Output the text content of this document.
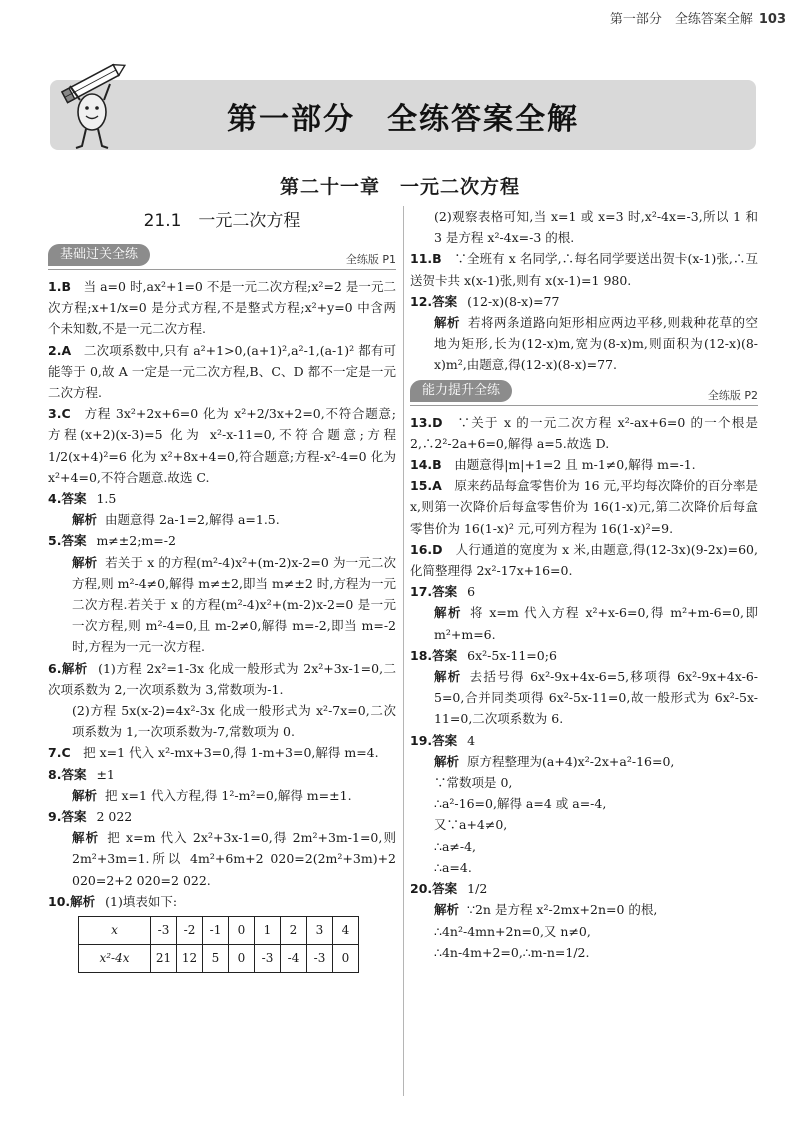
第一部分　全练答案全解 103
第一部分　全练答案全解
第二十一章　一元二次方程
21.1　一元二次方程
基础过关全练	全练版 P1
1.B　 当 a=0 时,ax²+1=0 不是一元二次方程;x²=2 是一元二次方程;x+1/x=0 是分式方程,不是整式方程;x²+y=0 中含两个未知数,不是一元二次方程.
2.A　 二次项系数中,只有 a²+1>0,(a+1)²,a²-1,(a-1)² 都有可能等于 0,故 A 一定是一元二次方程,B、C、D 都不一定是一元二次方程.
3.C　 方程 3x²+2x+6=0 化为 x²+2/3x+2=0,不符合题意;方程(x+2)(x-3)=5 化为 x²-x-11=0,不符合题意;方程 1/2(x+4)²=6 化为 x²+8x+4=0,符合题意;方程-x²-4=0 化为 x²+4=0,不符合题意.故选 C.
4.答案 1.5
解析 由题意得 2a-1=2,解得 a=1.5.
5.答案 m≠±2;m=-2
解析 若关于 x 的方程(m²-4)x²+(m-2)x-2=0 为一元二次方程,则 m²-4≠0,解得 m≠±2,即当 m≠±2 时,方程为一元二次方程.若关于 x 的方程(m²-4)x²+(m-2)x-2=0 是一元一次方程,则 m²-4=0,且 m-2≠0,解得 m=-2,即当 m=-2 时,方程为一元一次方程.
6.解析 (1)方程 2x²=1-3x 化成一般形式为 2x²+3x-1=0,二次项系数为 2,一次项系数为 3,常数项为-1.
(2)方程 5x(x-2)=4x²-3x 化成一般形式为 x²-7x=0,二次项系数为 1,一次项系数为-7,常数项为 0.
7.C　 把 x=1 代入 x²-mx+3=0,得 1-m+3=0,解得 m=4.
8.答案 ±1
解析 把 x=1 代入方程,得 1²-m²=0,解得 m=±1.
9.答案 2 022
解析 把 x=m 代入 2x²+3x-1=0,得 2m²+3m-1=0,则 2m²+3m=1.所以 4m²+6m+2 020=2(2m²+3m)+2 020=2+2 020=2 022.
10.解析 (1)填表如下:
x	-3	-2	-1	0	1	2	3	4
x²-4x	21	12	5	0	-3	-4	-3	0
(2)观察表格可知,当 x=1 或 x=3 时,x²-4x=-3,所以 1 和 3 是方程 x²-4x=-3 的根.
11.B　 ∵全班有 x 名同学,∴每名同学要送出贺卡(x-1)张,∴互送贺卡共 x(x-1)张,则有 x(x-1)=1 980.
12.答案 (12-x)(8-x)=77
解析 若将两条道路向矩形相应两边平移,则栽种花草的空地为矩形,长为(12-x)m,宽为(8-x)m,则面积为(12-x)(8-x)m²,由题意,得(12-x)(8-x)=77.
能力提升全练	全练版 P2
13.D　 ∵关于 x 的一元二次方程 x²-ax+6=0 的一个根是 2,∴2²-2a+6=0,解得 a=5.故选 D.
14.B　 由题意得|m|+1=2 且 m-1≠0,解得 m=-1.
15.A　 原来药品每盒零售价为 16 元,平均每次降价的百分率是 x,则第一次降价后每盒零售价为 16(1-x)元,第二次降价后每盒零售价为 16(1-x)² 元,可列方程为 16(1-x)²=9.
16.D　 人行通道的宽度为 x 米,由题意,得(12-3x)(9-2x)=60,化简整理得 2x²-17x+16=0.
17.答案 6
解析 将 x=m 代入方程 x²+x-6=0,得 m²+m-6=0,即 m²+m=6.
18.答案 6x²-5x-11=0;6
解析 去括号得 6x²-9x+4x-6=5,移项得 6x²-9x+4x-6-5=0,合并同类项得 6x²-5x-11=0,故一般形式为 6x²-5x-11=0,二次项系数为 6.
19.答案 4
解析 原方程整理为(a+4)x²-2x+a²-16=0,
∵常数项是 0,
∴a²-16=0,解得 a=4 或 a=-4,
又∵a+4≠0,
∴a≠-4,
∴a=4.
20.答案 1/2
解析 ∵2n 是方程 x²-2mx+2n=0 的根,
∴4n²-4mn+2n=0,又 n≠0,
∴4n-4m+2=0,∴m-n=1/2.
